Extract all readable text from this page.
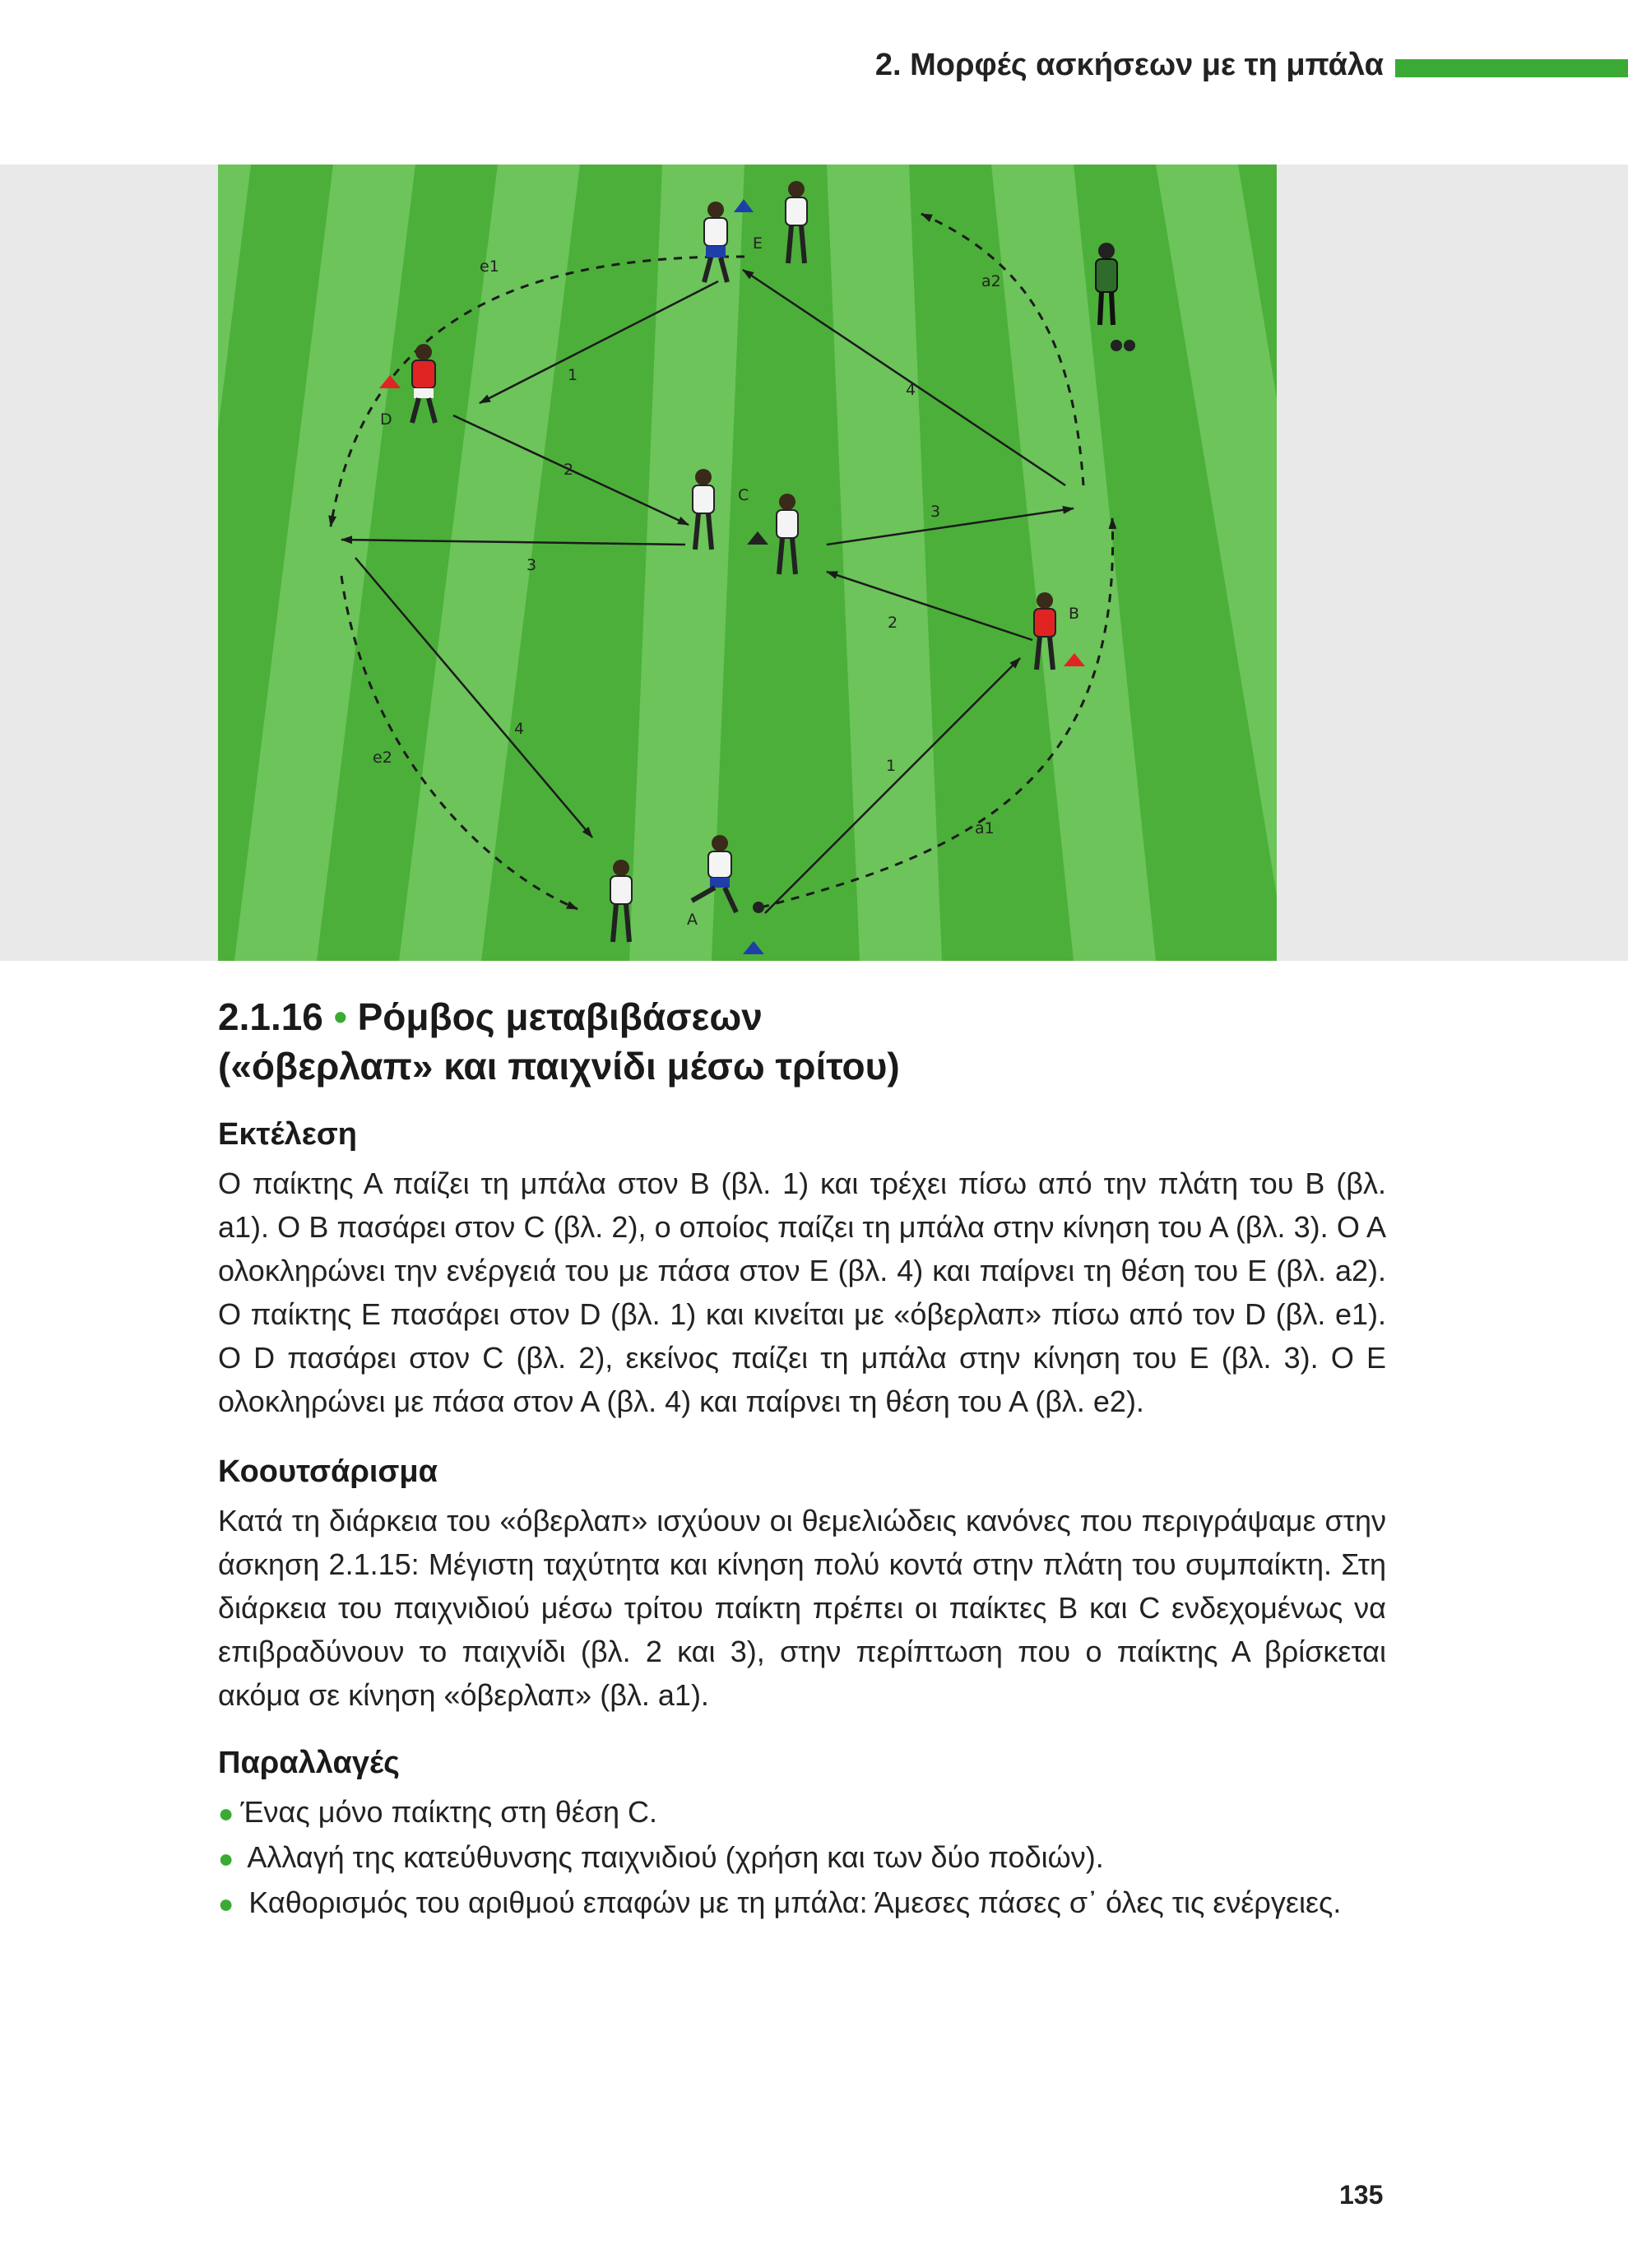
2. Μορφές ασκήσεων με τη μπάλα
E
D
C
B
A
1
2
3
4
1
2
3
4
e1
e2
a1
a2
2.1.16 • Ρόμβος μεταβιβάσεων
(«όβερλαπ» και παιχνίδι μέσω τρίτου)
Εκτέλεση
Ο παίκτης Α παίζει τη μπάλα στον Β (βλ. 1) και τρέχει πίσω από την πλάτη του Β (βλ. a1). Ο Β πασάρει στον C (βλ. 2), ο οποίος παίζει τη μπάλα στην κίνηση του Α (βλ. 3). Ο Α ολοκληρώνει την ενέργειά του με πάσα στον Ε (βλ. 4) και παίρνει τη θέση του Ε (βλ. a2). Ο παίκτης Ε πασάρει στον D (βλ. 1) και κινείται με «όβερλαπ» πίσω από τον D (βλ. e1). Ο D πασάρει στον C (βλ. 2), εκείνος παίζει τη μπάλα στην κίνηση του Ε (βλ. 3). Ο Ε ολοκληρώνει με πάσα στον Α (βλ. 4) και παίρνει τη θέση του Α (βλ. e2).
Κοουτσάρισμα
Κατά τη διάρκεια του «όβερλαπ» ισχύουν οι θεμελιώδεις κανόνες που περιγράψαμε στην άσκηση 2.1.15: Μέγιστη ταχύτητα και κίνηση πολύ κοντά στην πλάτη του συμπαίκτη. Στη διάρκεια του παιχνιδιού μέσω τρίτου παίκτη πρέπει οι παίκτες Β και C ενδεχομένως να επιβραδύνουν το παιχνίδι (βλ. 2 και 3), στην περίπτωση που ο παίκτης Α βρίσκεται ακόμα σε κίνηση «όβερλαπ» (βλ. a1).
Παραλλαγές
● Ένας μόνο παίκτης στη θέση C.
● Αλλαγή της κατεύθυνσης παιχνιδιού (χρήση και των δύο ποδιών).
● Καθορισμός του αριθμού επαφών με τη μπάλα: Άμεσες πάσες σ᾽ όλες τις ενέργειες.
135
